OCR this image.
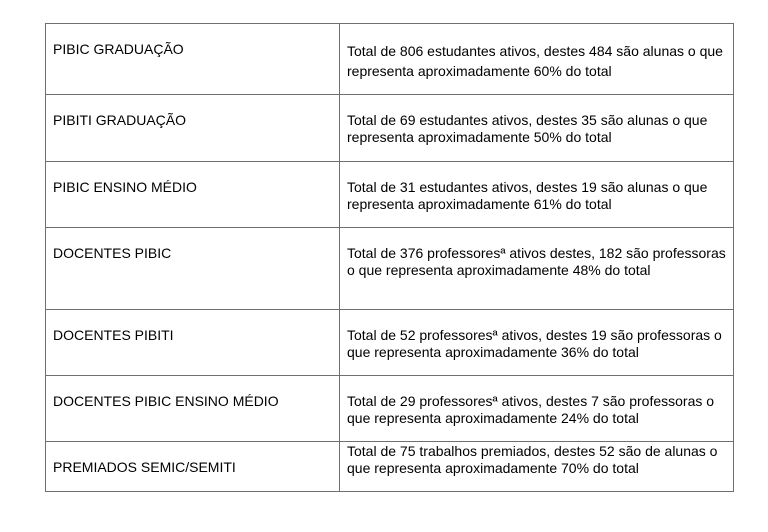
PIBIC GRADUAÇÃO	Total de 806 estudantes ativos, destes 484 são alunas o que representa aproximadamente 60% do total
PIBITI GRADUAÇÃO	Total de 69 estudantes ativos, destes 35 são alunas o que representa aproximadamente 50% do total
PIBIC ENSINO MÉDIO	Total de 31 estudantes ativos, destes 19 são alunas o que representa aproximadamente 61% do total
DOCENTES PIBIC	Total de 376 professoresª ativos destes, 182 são professoras o que representa aproximadamente 48% do total
DOCENTES PIBITI	Total de 52 professoresª ativos, destes 19 são professoras o que representa aproximadamente 36% do total
DOCENTES PIBIC ENSINO MÉDIO	Total de 29 professoresª ativos, destes 7 são professoras o que representa aproximadamente 24% do total
PREMIADOS SEMIC/SEMITI	Total de 75 trabalhos premiados, destes 52 são de alunas o que representa aproximadamente 70% do total
